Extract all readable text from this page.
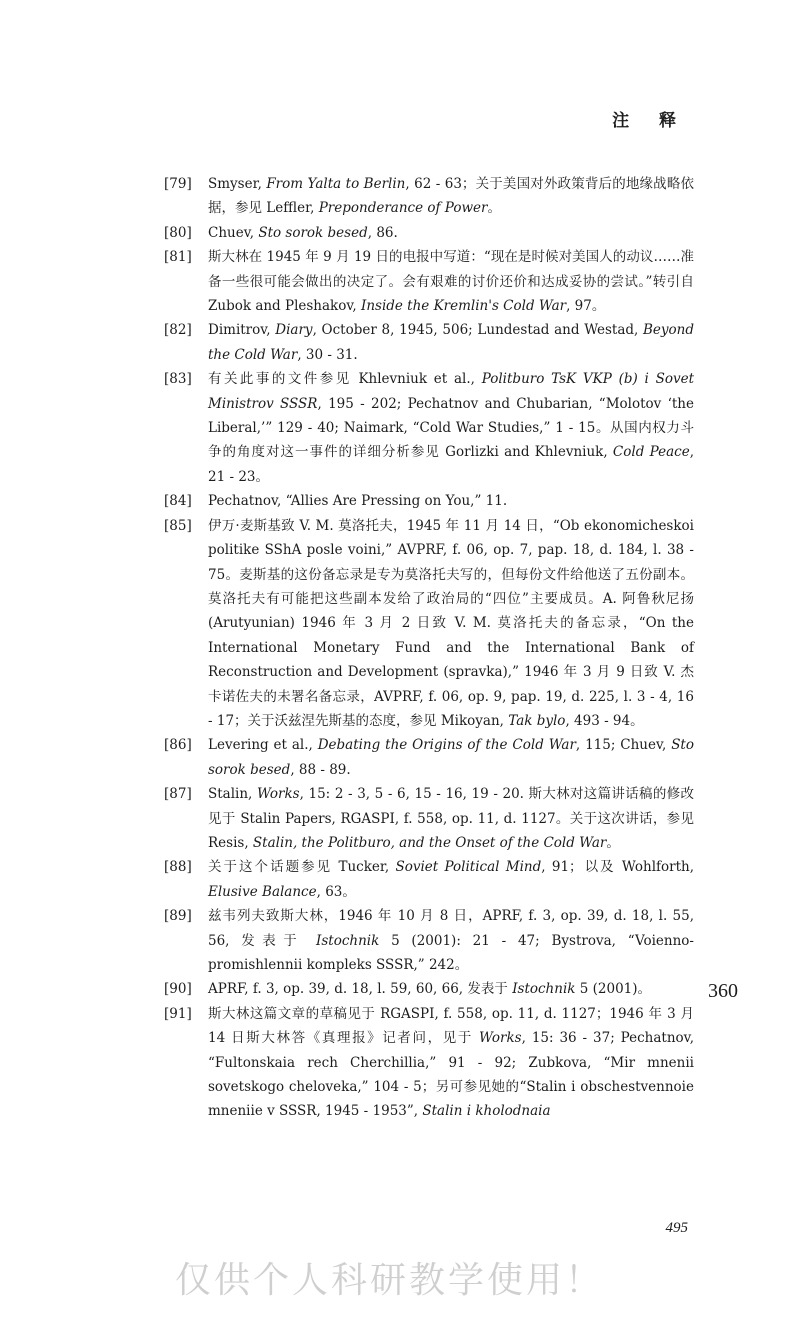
注 释
[79]	Smyser, From Yalta to Berlin, 62 - 63；关于美国对外政策背后的地缘战略依据，参见 Leffler, Preponderance of Power。
[80]	Chuev, Sto sorok besed, 86.
[81]	斯大林在 1945 年 9 月 19 日的电报中写道：“现在是时候对美国人的动议……准备一些很可能会做出的决定了。会有艰难的讨价还价和达成妥协的尝试。”转引自 Zubok and Pleshakov, Inside the Kremlin's Cold War, 97。
[82]	Dimitrov, Diary, October 8, 1945, 506; Lundestad and Westad, Beyond the Cold War, 30 - 31.
[83]	有关此事的文件参见 Khlevniuk et al., Politburo TsK VKP (b) i Sovet Ministrov SSSR, 195 - 202; Pechatnov and Chubarian, “Molotov ‘the Liberal,’” 129 - 40; Naimark, “Cold War Studies,” 1 - 15。从国内权力斗争的角度对这一事件的详细分析参见 Gorlizki and Khlevniuk, Cold Peace, 21 - 23。
[84]	Pechatnov, “Allies Are Pressing on You,” 11.
[85]	伊万·麦斯基致 V. M. 莫洛托夫，1945 年 11 月 14 日，“Ob ekonomicheskoi politike SShA posle voini,” AVPRF, f. 06, op. 7, pap. 18, d. 184, l. 38 - 75。麦斯基的这份备忘录是专为莫洛托夫写的，但每份文件给他送了五份副本。莫洛托夫有可能把这些副本发给了政治局的“四位”主要成员。A. 阿鲁秋尼扬 (Arutyunian) 1946 年 3 月 2 日致 V. M. 莫洛托夫的备忘录，“On the International Monetary Fund and the International Bank of Reconstruction and Development (spravka),” 1946 年 3 月 9 日致 V. 杰卡诺佐夫的未署名备忘录，AVPRF, f. 06, op. 9, pap. 19, d. 225, l. 3 - 4, 16 - 17；关于沃兹涅先斯基的态度，参见 Mikoyan, Tak bylo, 493 - 94。
[86]	Levering et al., Debating the Origins of the Cold War, 115; Chuev, Sto sorok besed, 88 - 89.
[87]	Stalin, Works, 15: 2 - 3, 5 - 6, 15 - 16, 19 - 20. 斯大林对这篇讲话稿的修改见于 Stalin Papers, RGASPI, f. 558, op. 11, d. 1127。关于这次讲话，参见 Resis, Stalin, the Politburo, and the Onset of the Cold War。
[88]	关于这个话题参见 Tucker, Soviet Political Mind, 91；以及 Wohlforth, Elusive Balance, 63。
[89]	兹韦列夫致斯大林，1946 年 10 月 8 日，APRF, f. 3, op. 39, d. 18, l. 55, 56, 发表于 Istochnik 5 (2001): 21 - 47; Bystrova, “Voienno-promishlennii kompleks SSSR,” 242。
[90]	APRF, f. 3, op. 39, d. 18, l. 59, 60, 66, 发表于 Istochnik 5 (2001)。
[91]	斯大林这篇文章的草稿见于 RGASPI, f. 558, op. 11, d. 1127；1946 年 3 月 14 日斯大林答《真理报》记者问，见于 Works, 15: 36 - 37; Pechatnov, “Fultonskaia rech Cherchillia,” 91 - 92; Zubkova, “Mir mnenii sovetskogo cheloveka,” 104 - 5；另可参见她的“Stalin i obschestvennoie mneniie v SSSR, 1945 - 1953”, Stalin i kholodnaia
360
495
仅供个人科研教学使用！
